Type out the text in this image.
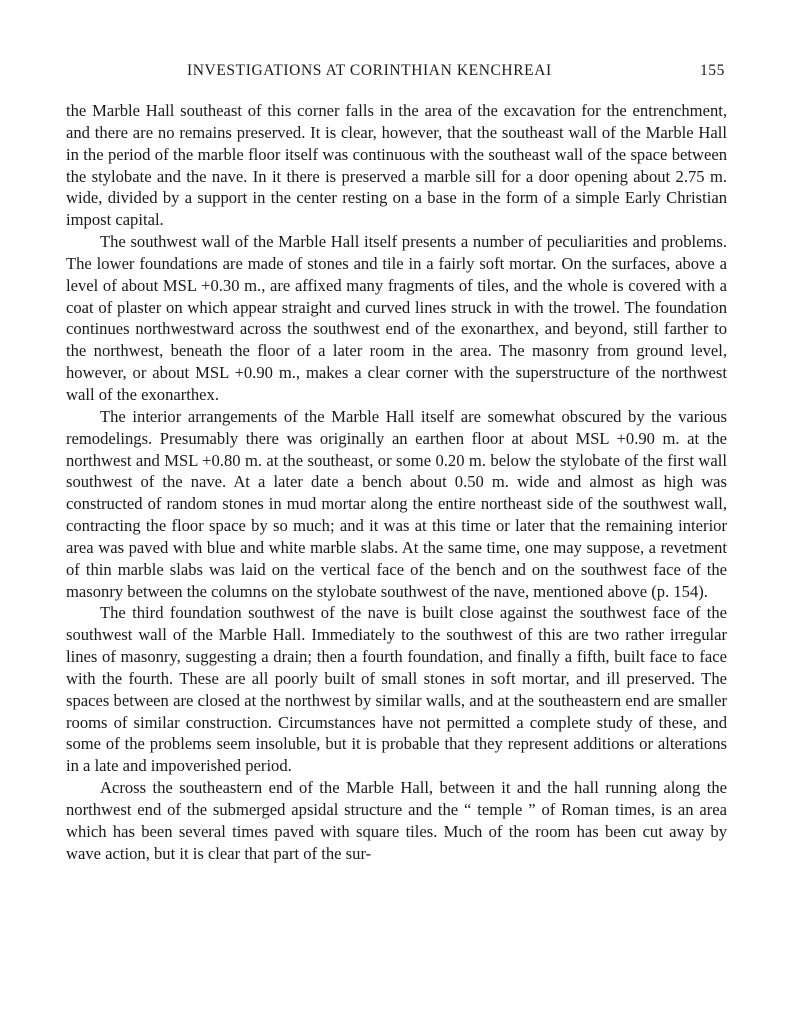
INVESTIGATIONS AT CORINTHIAN KENCHREAI	155

the Marble Hall southeast of this corner falls in the area of the excavation for the entrenchment, and there are no remains preserved. It is clear, however, that the southeast wall of the Marble Hall in the period of the marble floor itself was continuous with the southeast wall of the space between the stylobate and the nave. In it there is preserved a marble sill for a door opening about 2.75 m. wide, divided by a support in the center resting on a base in the form of a simple Early Christian impost capital.

The southwest wall of the Marble Hall itself presents a number of peculiarities and problems. The lower foundations are made of stones and tile in a fairly soft mortar. On the surfaces, above a level of about MSL +0.30 m., are affixed many fragments of tiles, and the whole is covered with a coat of plaster on which appear straight and curved lines struck in with the trowel. The foundation continues northwestward across the southwest end of the exonarthex, and beyond, still farther to the northwest, beneath the floor of a later room in the area. The masonry from ground level, however, or about MSL +0.90 m., makes a clear corner with the superstructure of the northwest wall of the exonarthex.

The interior arrangements of the Marble Hall itself are somewhat obscured by the various remodelings. Presumably there was originally an earthen floor at about MSL +0.90 m. at the northwest and MSL +0.80 m. at the southeast, or some 0.20 m. below the stylobate of the first wall southwest of the nave. At a later date a bench about 0.50 m. wide and almost as high was constructed of random stones in mud mortar along the entire northeast side of the southwest wall, contracting the floor space by so much; and it was at this time or later that the remaining interior area was paved with blue and white marble slabs. At the same time, one may suppose, a revetment of thin marble slabs was laid on the vertical face of the bench and on the southwest face of the masonry between the columns on the stylobate southwest of the nave, mentioned above (p. 154).

The third foundation southwest of the nave is built close against the southwest face of the southwest wall of the Marble Hall. Immediately to the southwest of this are two rather irregular lines of masonry, suggesting a drain; then a fourth foundation, and finally a fifth, built face to face with the fourth. These are all poorly built of small stones in soft mortar, and ill preserved. The spaces between are closed at the northwest by similar walls, and at the southeastern end are smaller rooms of similar construction. Circumstances have not permitted a complete study of these, and some of the problems seem insoluble, but it is probable that they represent additions or alterations in a late and impoverished period.

Across the southeastern end of the Marble Hall, between it and the hall running along the northwest end of the submerged apsidal structure and the “ temple ” of Roman times, is an area which has been several times paved with square tiles. Much of the room has been cut away by wave action, but it is clear that part of the sur-
